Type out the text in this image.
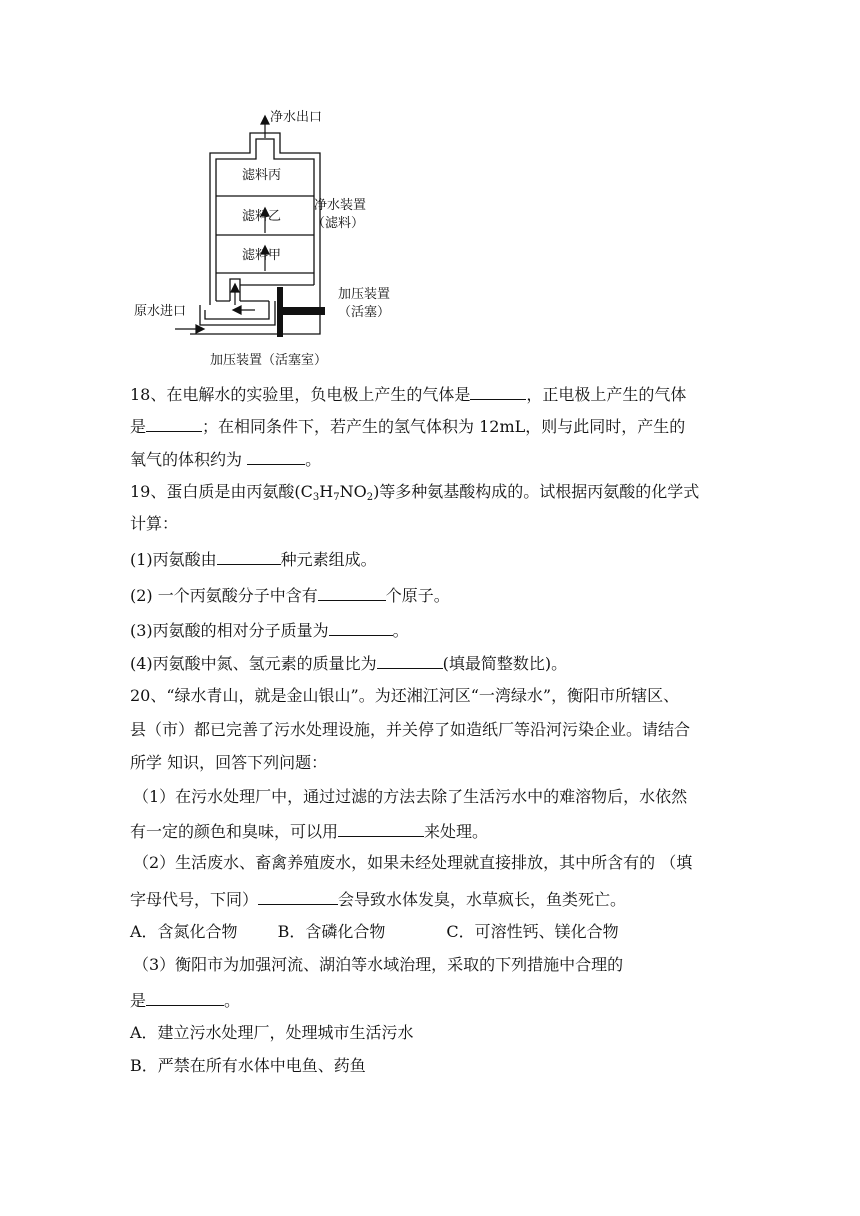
净水出口
滤料丙
滤料乙
滤料甲
净水装置
（滤料）
加压装置
（活塞）
原水进口
加压装置（活塞室）
18、在电解水的实验里，负电极上产生的气体是	，正电极上产生的气体
是	；在相同条件下，若产生的氢气体积为 12mL，则与此同时，产生的
氧气的体积约为	。
19、蛋白质是由丙氨酸$(C_3H_7NO_2)$等多种氨基酸构成的。试根据丙氨酸的化学式
计算：
(1)丙氨酸由	种元素组成。
(2) 一个丙氨酸分子中含有	个原子。
(3)丙氨酸的相对分子质量为	。
(4)丙氨酸中氮、氢元素的质量比为	(填最简整数比)。
20、“绿水青山，就是金山银山”。为还湘江河区“一湾绿水”，衡阳市所辖区、
县（市）都已完善了污水处理设施，并关停了如造纸厂等沿河污染企业。请结合
所学 知识，回答下列问题：
（1）在污水处理厂中，通过过滤的方法去除了生活污水中的难溶物后，水依然
有一定的颜色和臭味，可以用	来处理。
（2）生活废水、畜禽养殖废水，如果未经处理就直接排放，其中所含有的 （填
字母代号，下同）	会导致水体发臭，水草疯长，鱼类死亡。
A．含氮化合物	B．含磷化合物	C．可溶性钙、镁化合物
（3）衡阳市为加强河流、湖泊等水域治理，采取的下列措施中合理的
是	。
A．建立污水处理厂，处理城市生活污水
B．严禁在所有水体中电鱼、药鱼
